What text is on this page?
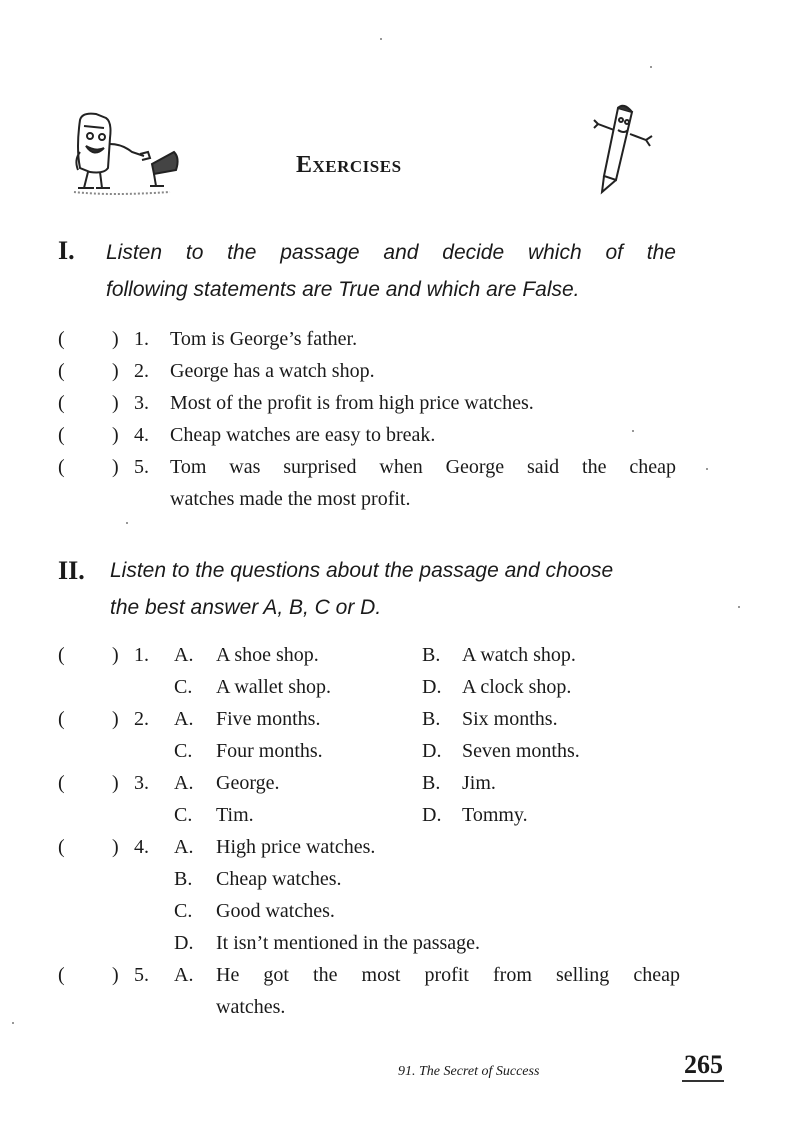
EXERCISES
I. Listen to the passage and decide which of the
following statements are True and which are False.
( ) 1. Tom is George’s father.
( ) 2. George has a watch shop.
( ) 3. Most of the profit is from high price watches.
( ) 4. Cheap watches are easy to break.
( ) 5. Tom was surprised when George said the cheap
watches made the most profit.
II. Listen to the questions about the passage and choose
the best answer A, B, C or D.
( ) 1. A. A shoe shop.	B. A watch shop.
C. A wallet shop.	D. A clock shop.
( ) 2. A. Five months.	B. Six months.
C. Four months.	D. Seven months.
( ) 3. A. George.	B. Jim.
C. Tim.	D. Tommy.
( ) 4. A. High price watches.
B. Cheap watches.
C. Good watches.
D. It isn’t mentioned in the passage.
( ) 5. A. He got the most profit from selling cheap
watches.
91. The Secret of Success	265
